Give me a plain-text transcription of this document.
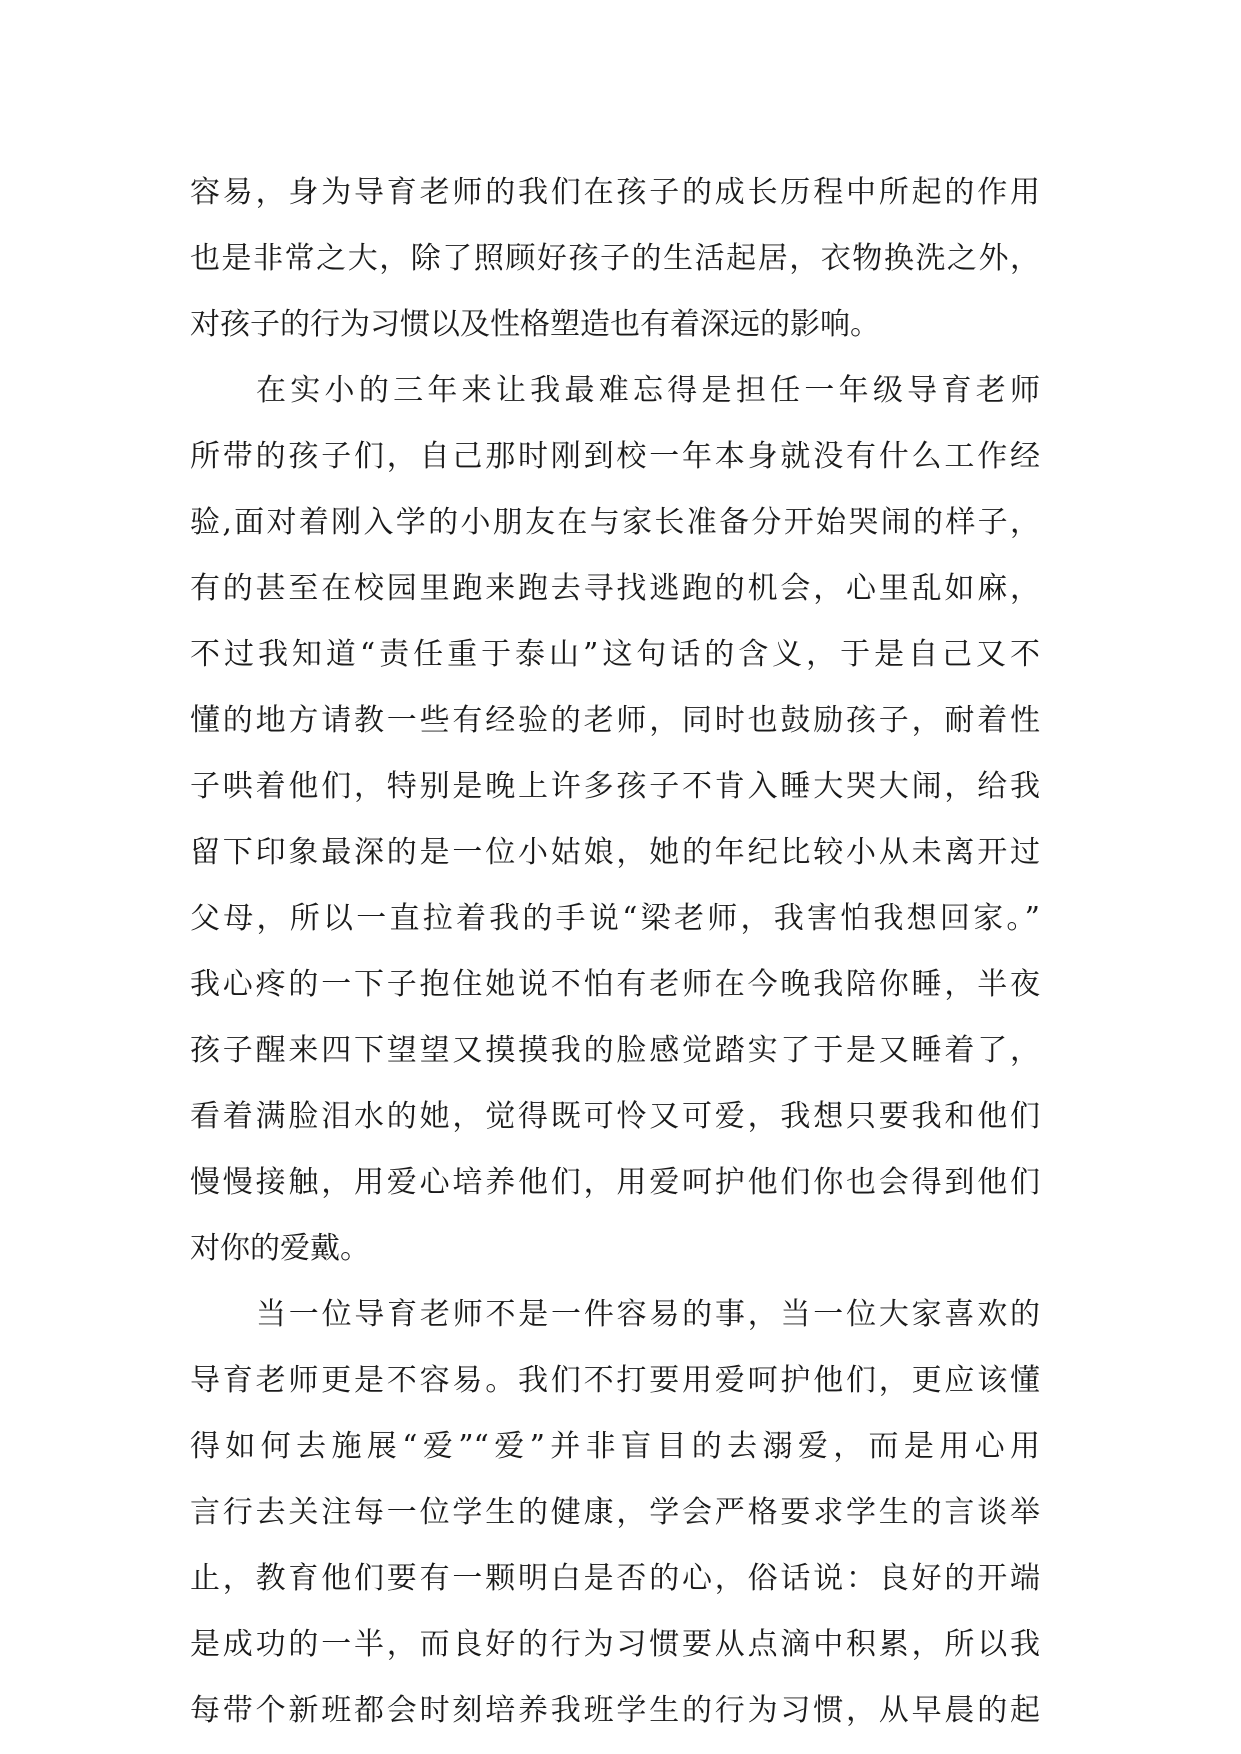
容易，身为导育老师的我们在孩子的成长历程中所起的作用
也是非常之大，除了照顾好孩子的生活起居，衣物换洗之外，
对孩子的行为习惯以及性格塑造也有着深远的影响。
在实小的三年来让我最难忘得是担任一年级导育老师
所带的孩子们，自己那时刚到校一年本身就没有什么工作经
验,面对着刚入学的小朋友在与家长准备分开始哭闹的样子，
有的甚至在校园里跑来跑去寻找逃跑的机会，心里乱如麻，
不过我知道“责任重于泰山”这句话的含义，于是自己又不
懂的地方请教一些有经验的老师，同时也鼓励孩子，耐着性
子哄着他们，特别是晚上许多孩子不肯入睡大哭大闹，给我
留下印象最深的是一位小姑娘，她的年纪比较小从未离开过
父母，所以一直拉着我的手说“梁老师，我害怕我想回家。”
我心疼的一下子抱住她说不怕有老师在今晚我陪你睡，半夜
孩子醒来四下望望又摸摸我的脸感觉踏实了于是又睡着了，
看着满脸泪水的她，觉得既可怜又可爱，我想只要我和他们
慢慢接触，用爱心培养他们，用爱呵护他们你也会得到他们
对你的爱戴。
当一位导育老师不是一件容易的事，当一位大家喜欢的
导育老师更是不容易。我们不打要用爱呵护他们，更应该懂
得如何去施展“爱”“爱”并非盲目的去溺爱，而是用心用
言行去关注每一位学生的健康，学会严格要求学生的言谈举
止，教育他们要有一颗明白是否的心，俗话说：良好的开端
是成功的一半，而良好的行为习惯要从点滴中积累，所以我
每带个新班都会时刻培养我班学生的行为习惯，从早晨的起
